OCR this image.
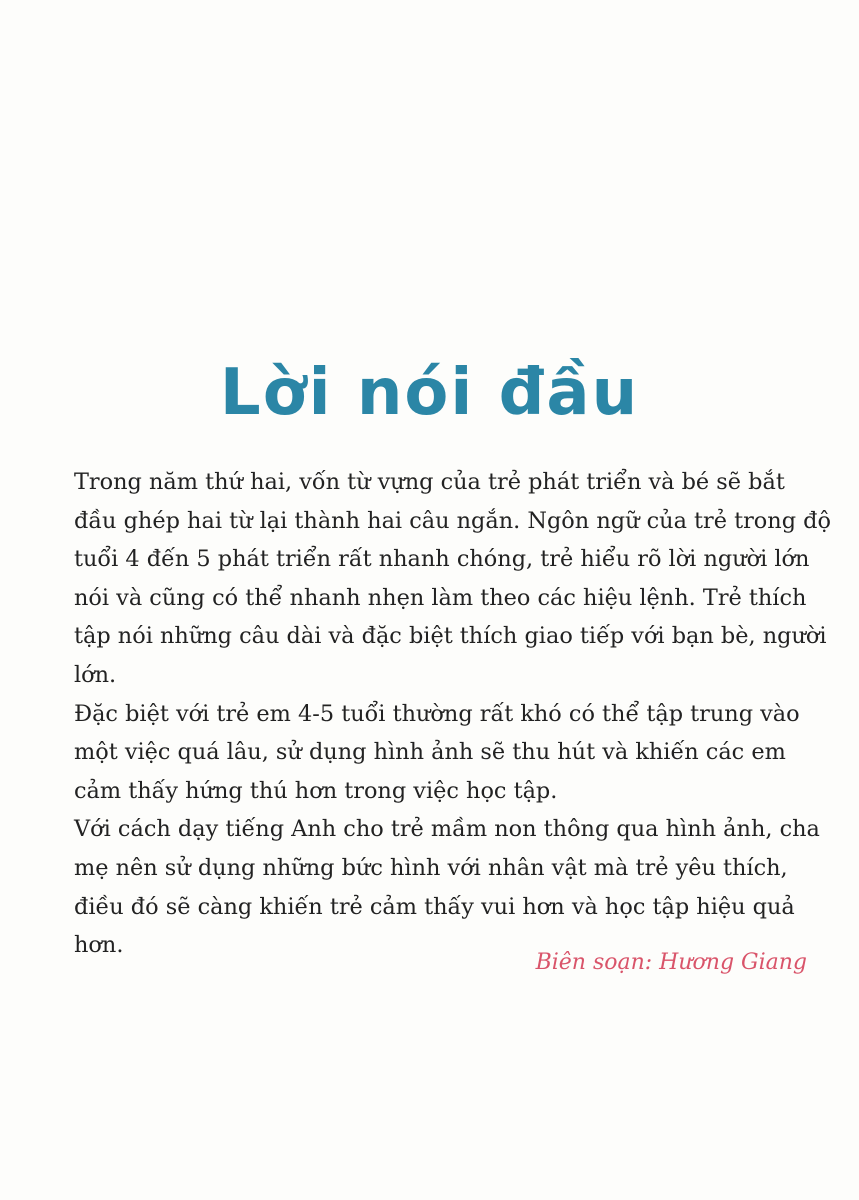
Lời nói đầu

Trong năm thứ hai, vốn từ vựng của trẻ phát triển và bé sẽ bắt đầu ghép hai từ lại thành hai câu ngắn. Ngôn ngữ của trẻ trong độ tuổi 4 đến 5 phát triển rất nhanh chóng, trẻ hiểu rõ lời người lớn nói và cũng có thể nhanh nhẹn làm theo các hiệu lệnh. Trẻ thích tập nói những câu dài và đặc biệt thích giao tiếp với bạn bè, người lớn.

Đặc biệt với trẻ em 4-5 tuổi thường rất khó có thể tập trung vào một việc quá lâu, sử dụng hình ảnh sẽ thu hút và khiến các em cảm thấy hứng thú hơn trong việc học tập.

Với cách dạy tiếng Anh cho trẻ mầm non thông qua hình ảnh, cha mẹ nên sử dụng những bức hình với nhân vật mà trẻ yêu thích, điều đó sẽ càng khiến trẻ cảm thấy vui hơn và học tập hiệu quả hơn.

Biên soạn: Hương Giang
